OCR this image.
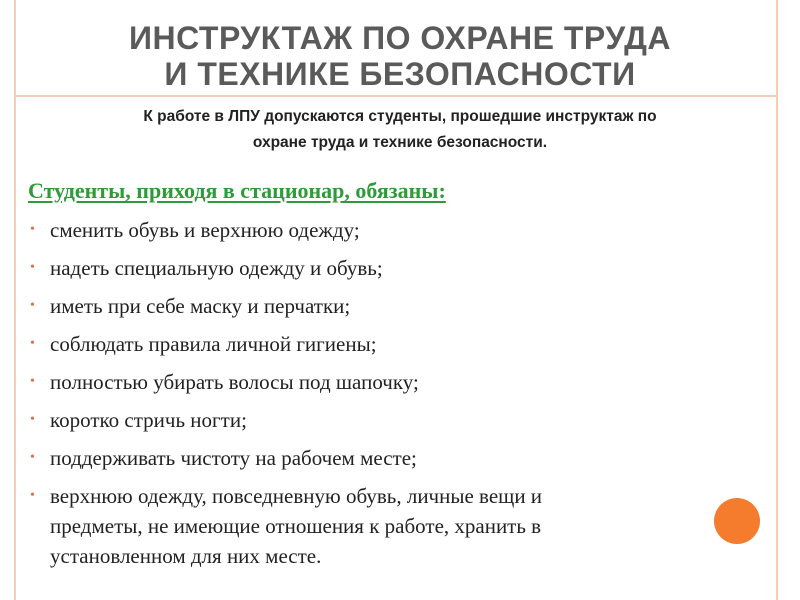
ИНСТРУКТАЖ ПО ОХРАНЕ ТРУДА
И ТЕХНИКЕ БЕЗОПАСНОСТИ
К работе в ЛПУ допускаются студенты, прошедшие инструктаж по
охране труда и технике безопасности.
Студенты, приходя в стационар, обязаны:
• сменить обувь и верхнюю одежду;
• надеть специальную одежду и обувь;
• иметь при себе маску и перчатки;
• соблюдать правила личной гигиены;
• полностью убирать волосы под шапочку;
• коротко стричь ногти;
• поддерживать чистоту на рабочем месте;
• верхнюю одежду, повседневную обувь, личные вещи и
предметы, не имеющие отношения к работе, хранить в
установленном для них месте.
